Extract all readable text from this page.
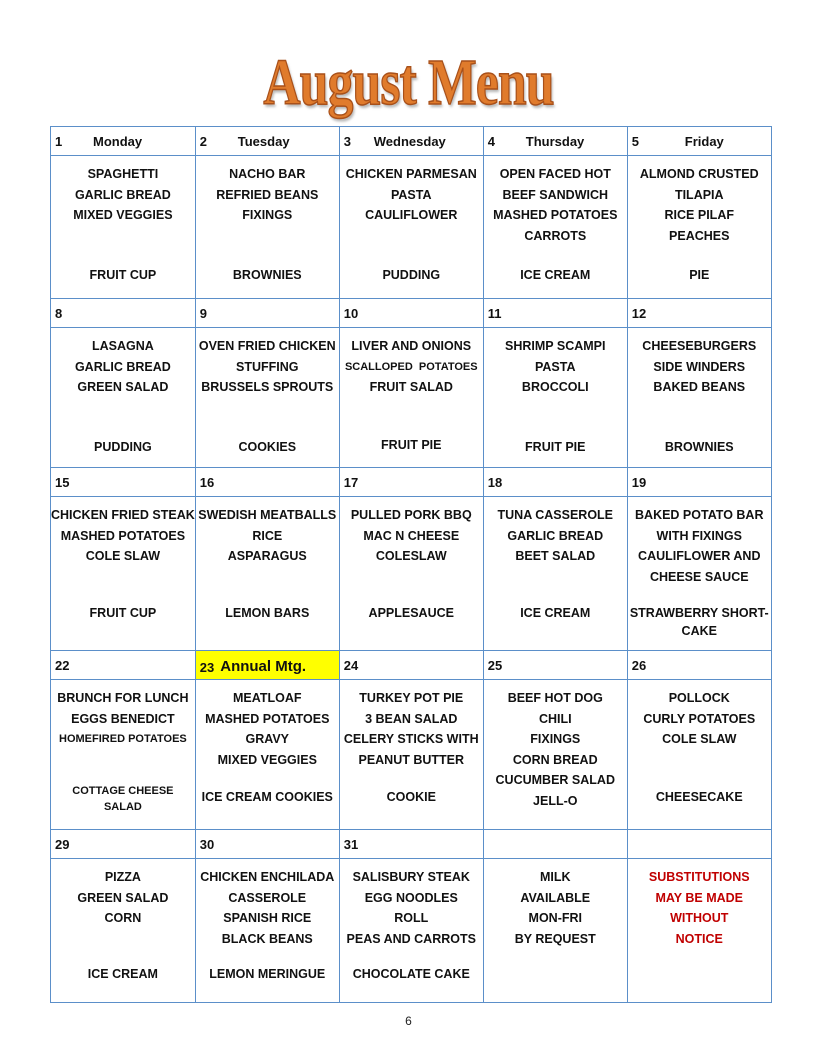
August Menu
1 Monday	2 Tuesday	3 Wednesday	4 Thursday	5 Friday

SPAGHETTI
GARLIC BREAD
MIXED VEGGIES
FRUIT CUP

NACHO BAR
REFRIED BEANS
FIXINGS
BROWNIES

CHICKEN PARMESAN
PASTA
CAULIFLOWER
PUDDING

OPEN FACED HOT
BEEF SANDWICH
MASHED POTATOES
CARROTS
ICE CREAM

ALMOND CRUSTED
TILAPIA
RICE PILAF
PEACHES
PIE

8	9	10	11	12

LASAGNA
GARLIC BREAD
GREEN SALAD
PUDDING

OVEN FRIED CHICKEN
STUFFING
BRUSSELS SPROUTS
COOKIES

LIVER AND ONIONS
SCALLOPED  POTATOES
FRUIT SALAD
FRUIT PIE

SHRIMP SCAMPI
PASTA
BROCCOLI
FRUIT PIE

CHEESEBURGERS
SIDE WINDERS
BAKED BEANS
BROWNIES

15	16	17	18	19

CHICKEN FRIED STEAK
MASHED POTATOES
COLE SLAW
FRUIT CUP

SWEDISH MEATBALLS
RICE
ASPARAGUS
LEMON BARS

PULLED PORK BBQ
MAC N CHEESE
COLESLAW
APPLESAUCE

TUNA CASSEROLE
GARLIC BREAD
BEET SALAD
ICE CREAM

BAKED POTATO BAR
WITH FIXINGS
CAULIFLOWER AND
CHEESE SAUCE
STRAWBERRY SHORT-
CAKE

22	23 Annual Mtg.	24	25	26

BRUNCH FOR LUNCH
EGGS BENEDICT
HOMEFIRED POTATOES
COTTAGE CHEESE
SALAD

MEATLOAF
MASHED POTATOES
GRAVY
MIXED VEGGIES
ICE CREAM COOKIES

TURKEY POT PIE
3 BEAN SALAD
CELERY STICKS WITH
PEANUT BUTTER
COOKIE

BEEF HOT DOG
CHILI
FIXINGS
CORN BREAD
CUCUMBER SALAD
JELL-O

POLLOCK
CURLY POTATOES
COLE SLAW
CHEESECAKE

29	30	31		

PIZZA
GREEN SALAD
CORN
ICE CREAM

CHICKEN ENCHILADA
CASSEROLE
SPANISH RICE
BLACK BEANS
LEMON MERINGUE

SALISBURY STEAK
EGG NOODLES
ROLL
PEAS AND CARROTS
CHOCOLATE CAKE

MILK
AVAILABLE
MON-FRI
BY REQUEST

SUBSTITUTIONS
MAY BE MADE
WITHOUT
NOTICE
6
